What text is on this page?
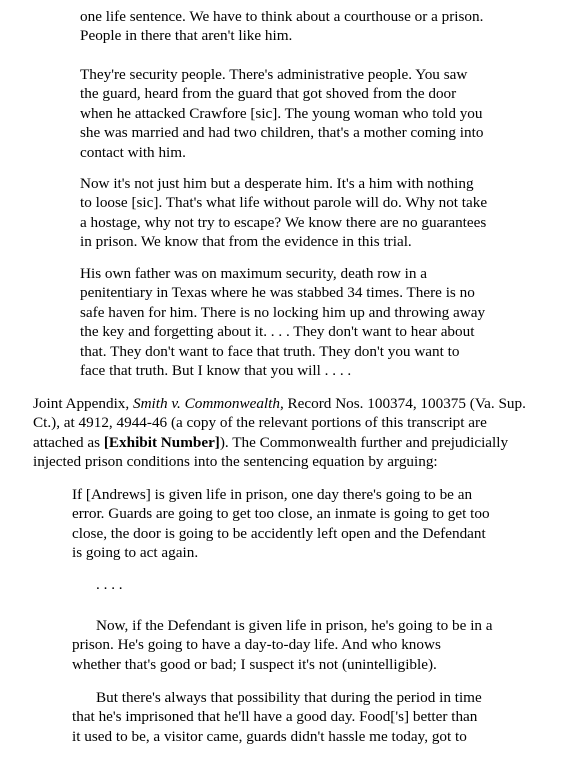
one life sentence. We have to think about a courthouse or a prison.
People in there that aren't like him.
They're security people. There's administrative people. You saw
the guard, heard from the guard that got shoved from the door
when he attacked Crawfore [sic]. The young woman who told you
she was married and had two children, that's a mother coming into
contact with him.
Now it's not just him but a desperate him. It's a him with nothing
to loose [sic]. That's what life without parole will do. Why not take
a hostage, why not try to escape? We know there are no guarantees
in prison. We know that from the evidence in this trial.
His own father was on maximum security, death row in a
penitentiary in Texas where he was stabbed 34 times. There is no
safe haven for him. There is no locking him up and throwing away
the key and forgetting about it. . . . They don't want to hear about
that. They don't want to face that truth. They don't you want to
face that truth. But I know that you will . . . .
Joint Appendix, Smith v. Commonwealth, Record Nos. 100374, 100375 (Va. Sup.
Ct.), at 4912, 4944-46 (a copy of the relevant portions of this transcript are
attached as [Exhibit Number]). The Commonwealth further and prejudicially
injected prison conditions into the sentencing equation by arguing:
If [Andrews] is given life in prison, one day there's going to be an
error. Guards are going to get too close, an inmate is going to get too
close, the door is going to be accidently left open and the Defendant
is going to act again.
. . . .
Now, if the Defendant is given life in prison, he's going to be in a
prison. He's going to have a day-to-day life. And who knows
whether that's good or bad; I suspect it's not (unintelligible).
But there's always that possibility that during the period in time
that he's imprisoned that he'll have a good day. Food['s] better than
it used to be, a visitor came, guards didn't hassle me today, got to
